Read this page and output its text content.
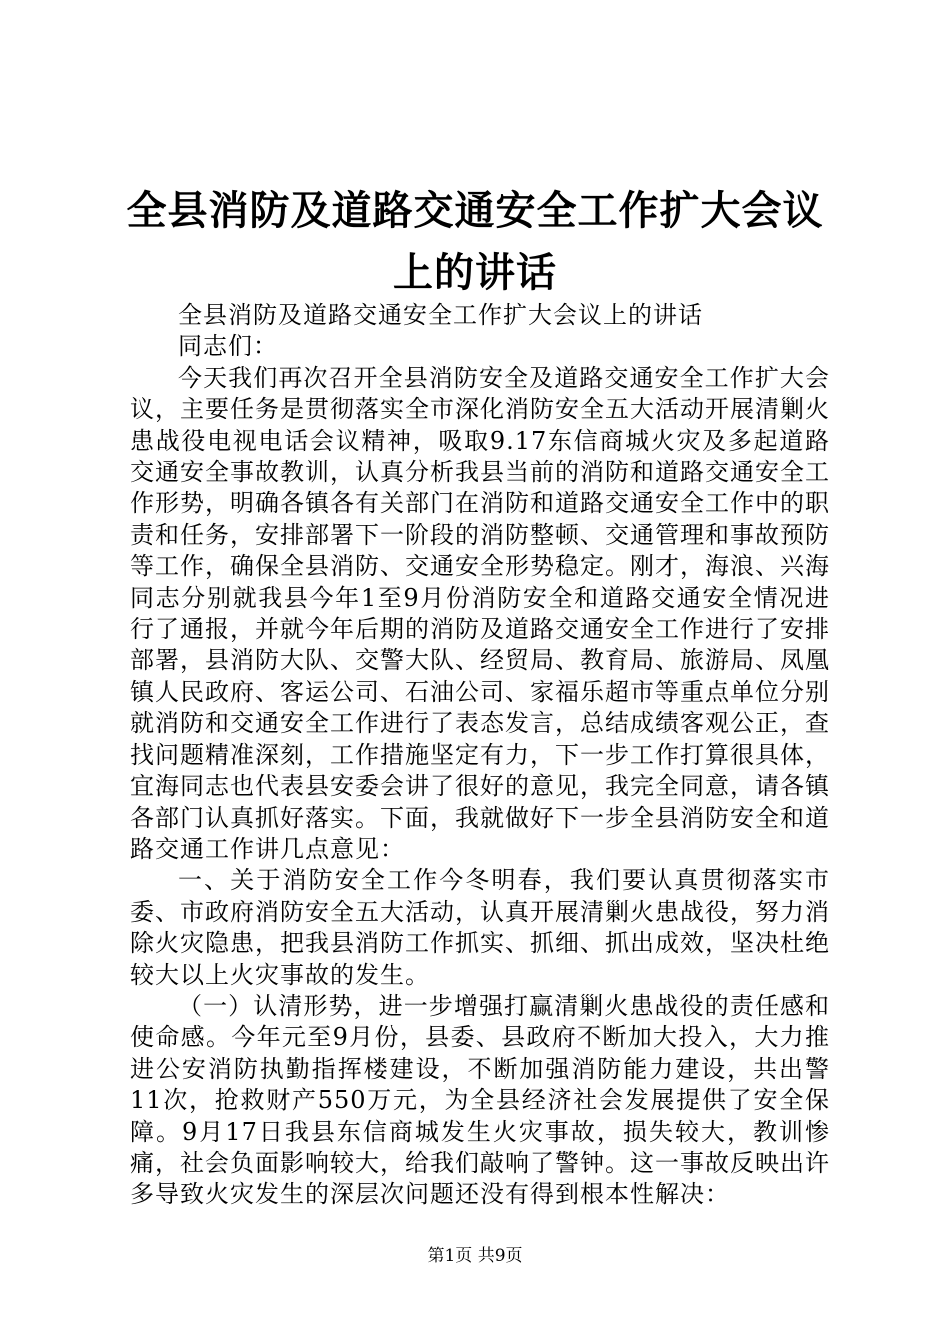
全县消防及道路交通安全工作扩大会议上的讲话

全县消防及道路交通安全工作扩大会议上的讲话

同志们：

今天我们再次召开全县消防安全及道路交通安全工作扩大会议，主要任务是贯彻落实全市深化消防安全五大活动开展清剿火患战役电视电话会议精神，吸取9.17东信商城火灾及多起道路交通安全事故教训，认真分析我县当前的消防和道路交通安全工作形势，明确各镇各有关部门在消防和道路交通安全工作中的职责和任务，安排部署下一阶段的消防整顿、交通管理和事故预防等工作，确保全县消防、交通安全形势稳定。刚才，海浪、兴海同志分别就我县今年1至9月份消防安全和道路交通安全情况进行了通报，并就今年后期的消防及道路交通安全工作进行了安排部署，县消防大队、交警大队、经贸局、教育局、旅游局、凤凰镇人民政府、客运公司、石油公司、家福乐超市等重点单位分别就消防和交通安全工作进行了表态发言，总结成绩客观公正，查找问题精准深刻，工作措施坚定有力，下一步工作打算很具体，宜海同志也代表县安委会讲了很好的意见，我完全同意，请各镇各部门认真抓好落实。下面，我就做好下一步全县消防安全和道路交通工作讲几点意见：

一、关于消防安全工作今冬明春，我们要认真贯彻落实市委、市政府消防安全五大活动，认真开展清剿火患战役，努力消除火灾隐患，把我县消防工作抓实、抓细、抓出成效，坚决杜绝较大以上火灾事故的发生。

（一）认清形势，进一步增强打赢清剿火患战役的责任感和使命感。今年元至9月份，县委、县政府不断加大投入，大力推进公安消防执勤指挥楼建设，不断加强消防能力建设，共出警11次，抢救财产550万元，为全县经济社会发展提供了安全保障。9月17日我县东信商城发生火灾事故，损失较大，教训惨痛，社会负面影响较大，给我们敲响了警钟。这一事故反映出许多导致火灾发生的深层次问题还没有得到根本性解决：

第1页 共9页
